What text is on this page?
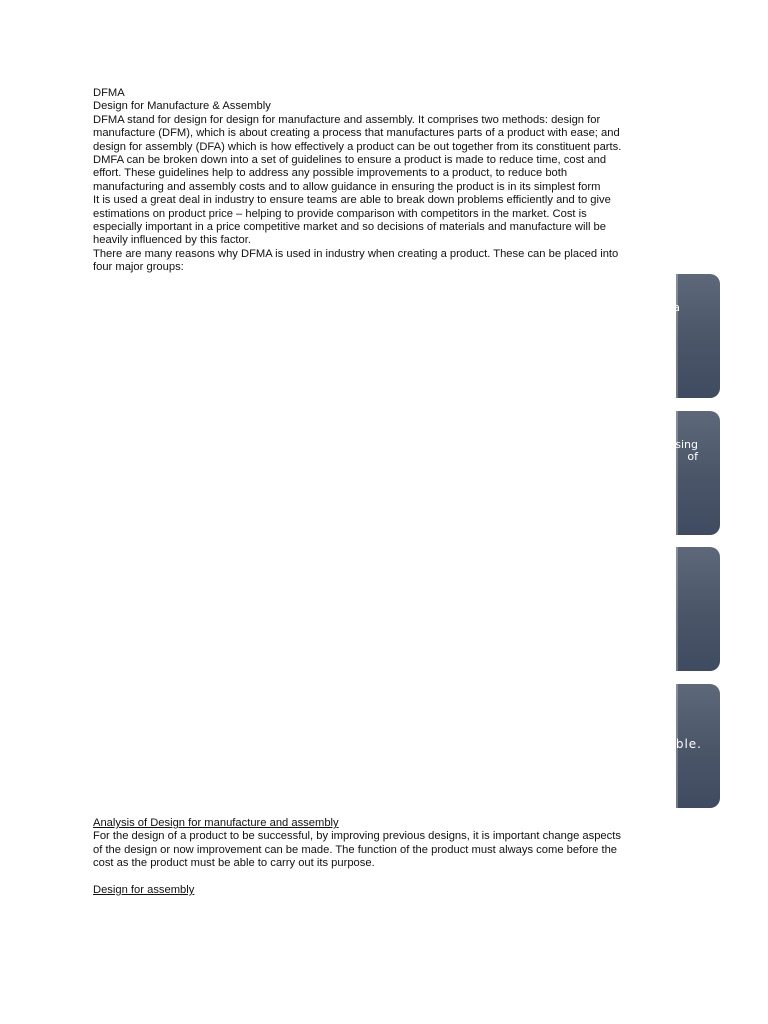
DFMA

Design for Manufacture & Assembly

DFMA stand for design for design for manufacture and assembly. It comprises two methods: design for
manufacture (DFM), which is about creating a process that manufactures parts of a product with ease; and
design for assembly (DFA) which is how effectively a product can be out together from its constituent parts.
DMFA can be broken down into a set of guidelines to ensure a product is made to reduce time, cost and
effort. These guidelines help to address any possible improvements to a product, to reduce both
manufacturing and assembly costs and to allow guidance in ensuring the product is in its simplest form
It is used a great deal in industry to ensure teams are able to break down problems efficiently and to give
estimations on product price – helping to provide comparison with competitors in the market. Cost is
especially important in a price competitive market and so decisions of materials and manufacture will be
heavily influenced by this factor.
There are many reasons why DFMA is used in industry when creating a product. These can be placed into
four major groups:

a
sing
of
ble.

Analysis of Design for manufacture and assembly

For the design of a product to be successful, by improving previous designs, it is important change aspects
of the design or now improvement can be made. The function of the product must always come before the
cost as the product must be able to carry out its purpose.

Design for assembly
